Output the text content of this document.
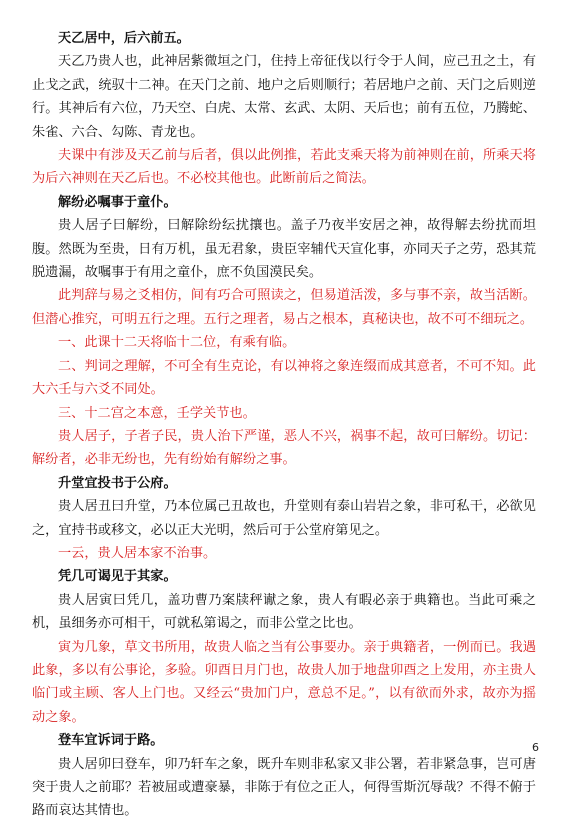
天乙居中，后六前五。

天乙乃贵人也，此神居紫微垣之门，住持上帝征伐以行令于人间，应己丑之土，有止戈之武，统驭十二神。在天门之前、地户之后则顺行；若居地户之前、天门之后则逆行。其神后有六位，乃天空、白虎、太常、玄武、太阴、天后也；前有五位，乃腾蛇、朱雀、六合、勾陈、青龙也。

夫课中有涉及天乙前与后者，俱以此例推，若此支乘天将为前神则在前，所乘天将为后六神则在天乙后也。不必校其他也。此断前后之简法。

解纷必嘱事于童仆。

贵人居子曰解纷，曰解除纷纭扰攘也。盖子乃夜半安居之神，故得解去纷扰而坦腹。然既为至贵，日有万机，虽无君象，贵臣宰辅代天宣化事，亦同天子之劳，恐其荒脱遗漏，故嘱事于有用之童仆，庶不负国漠民矣。

此判辞与易之爻相仿，间有巧合可照读之，但易道活泼，多与事不亲，故当活断。但潜心推究，可明五行之理。五行之理者，易占之根本，真秘诀也，故不可不细玩之。

一、此课十二天将临十二位，有乘有临。

二、判词之理解，不可全有生克论，有以神将之象连缀而成其意者，不可不知。此大六壬与六爻不同处。

三、十二宫之本意，壬学关节也。

贵人居子，子者子民，贵人治下严谨，恶人不兴，祸事不起，故可曰解纷。切记：解纷者，必非无纷也，先有纷始有解纷之事。

升堂宜投书于公府。

贵人居丑曰升堂，乃本位属己丑故也，升堂则有泰山岩岩之象，非可私干，必欲见之，宜持书或移文，必以正大光明，然后可于公堂府第见之。

一云，贵人居本家不治事。

凭几可谒见于其家。

贵人居寅曰凭几，盖功曹乃案牍秤谳之象，贵人有暇必亲于典籍也。当此可乘之机，虽细务亦可相干，可就私第谒之，而非公堂之比也。

寅为几象，草文书所用，故贵人临之当有公事要办。亲于典籍者，一例而已。我遇此象，多以有公事论，多验。卯酉日月门也，故贵人加于地盘卯酉之上发用，亦主贵人临门或主顾、客人上门也。又经云“贵加门户，意总不足。”，以有欲而外求，故亦为摇动之象。

登车宜诉词于路。

贵人居卯曰登车，卯乃轩车之象，既升车则非私家又非公署，若非紧急事，岂可唐突于贵人之前耶？若被屈或遭豪暴，非陈于有位之正人，何得雪斯沉辱哉？不得不俯于路而哀达其情也。

6
